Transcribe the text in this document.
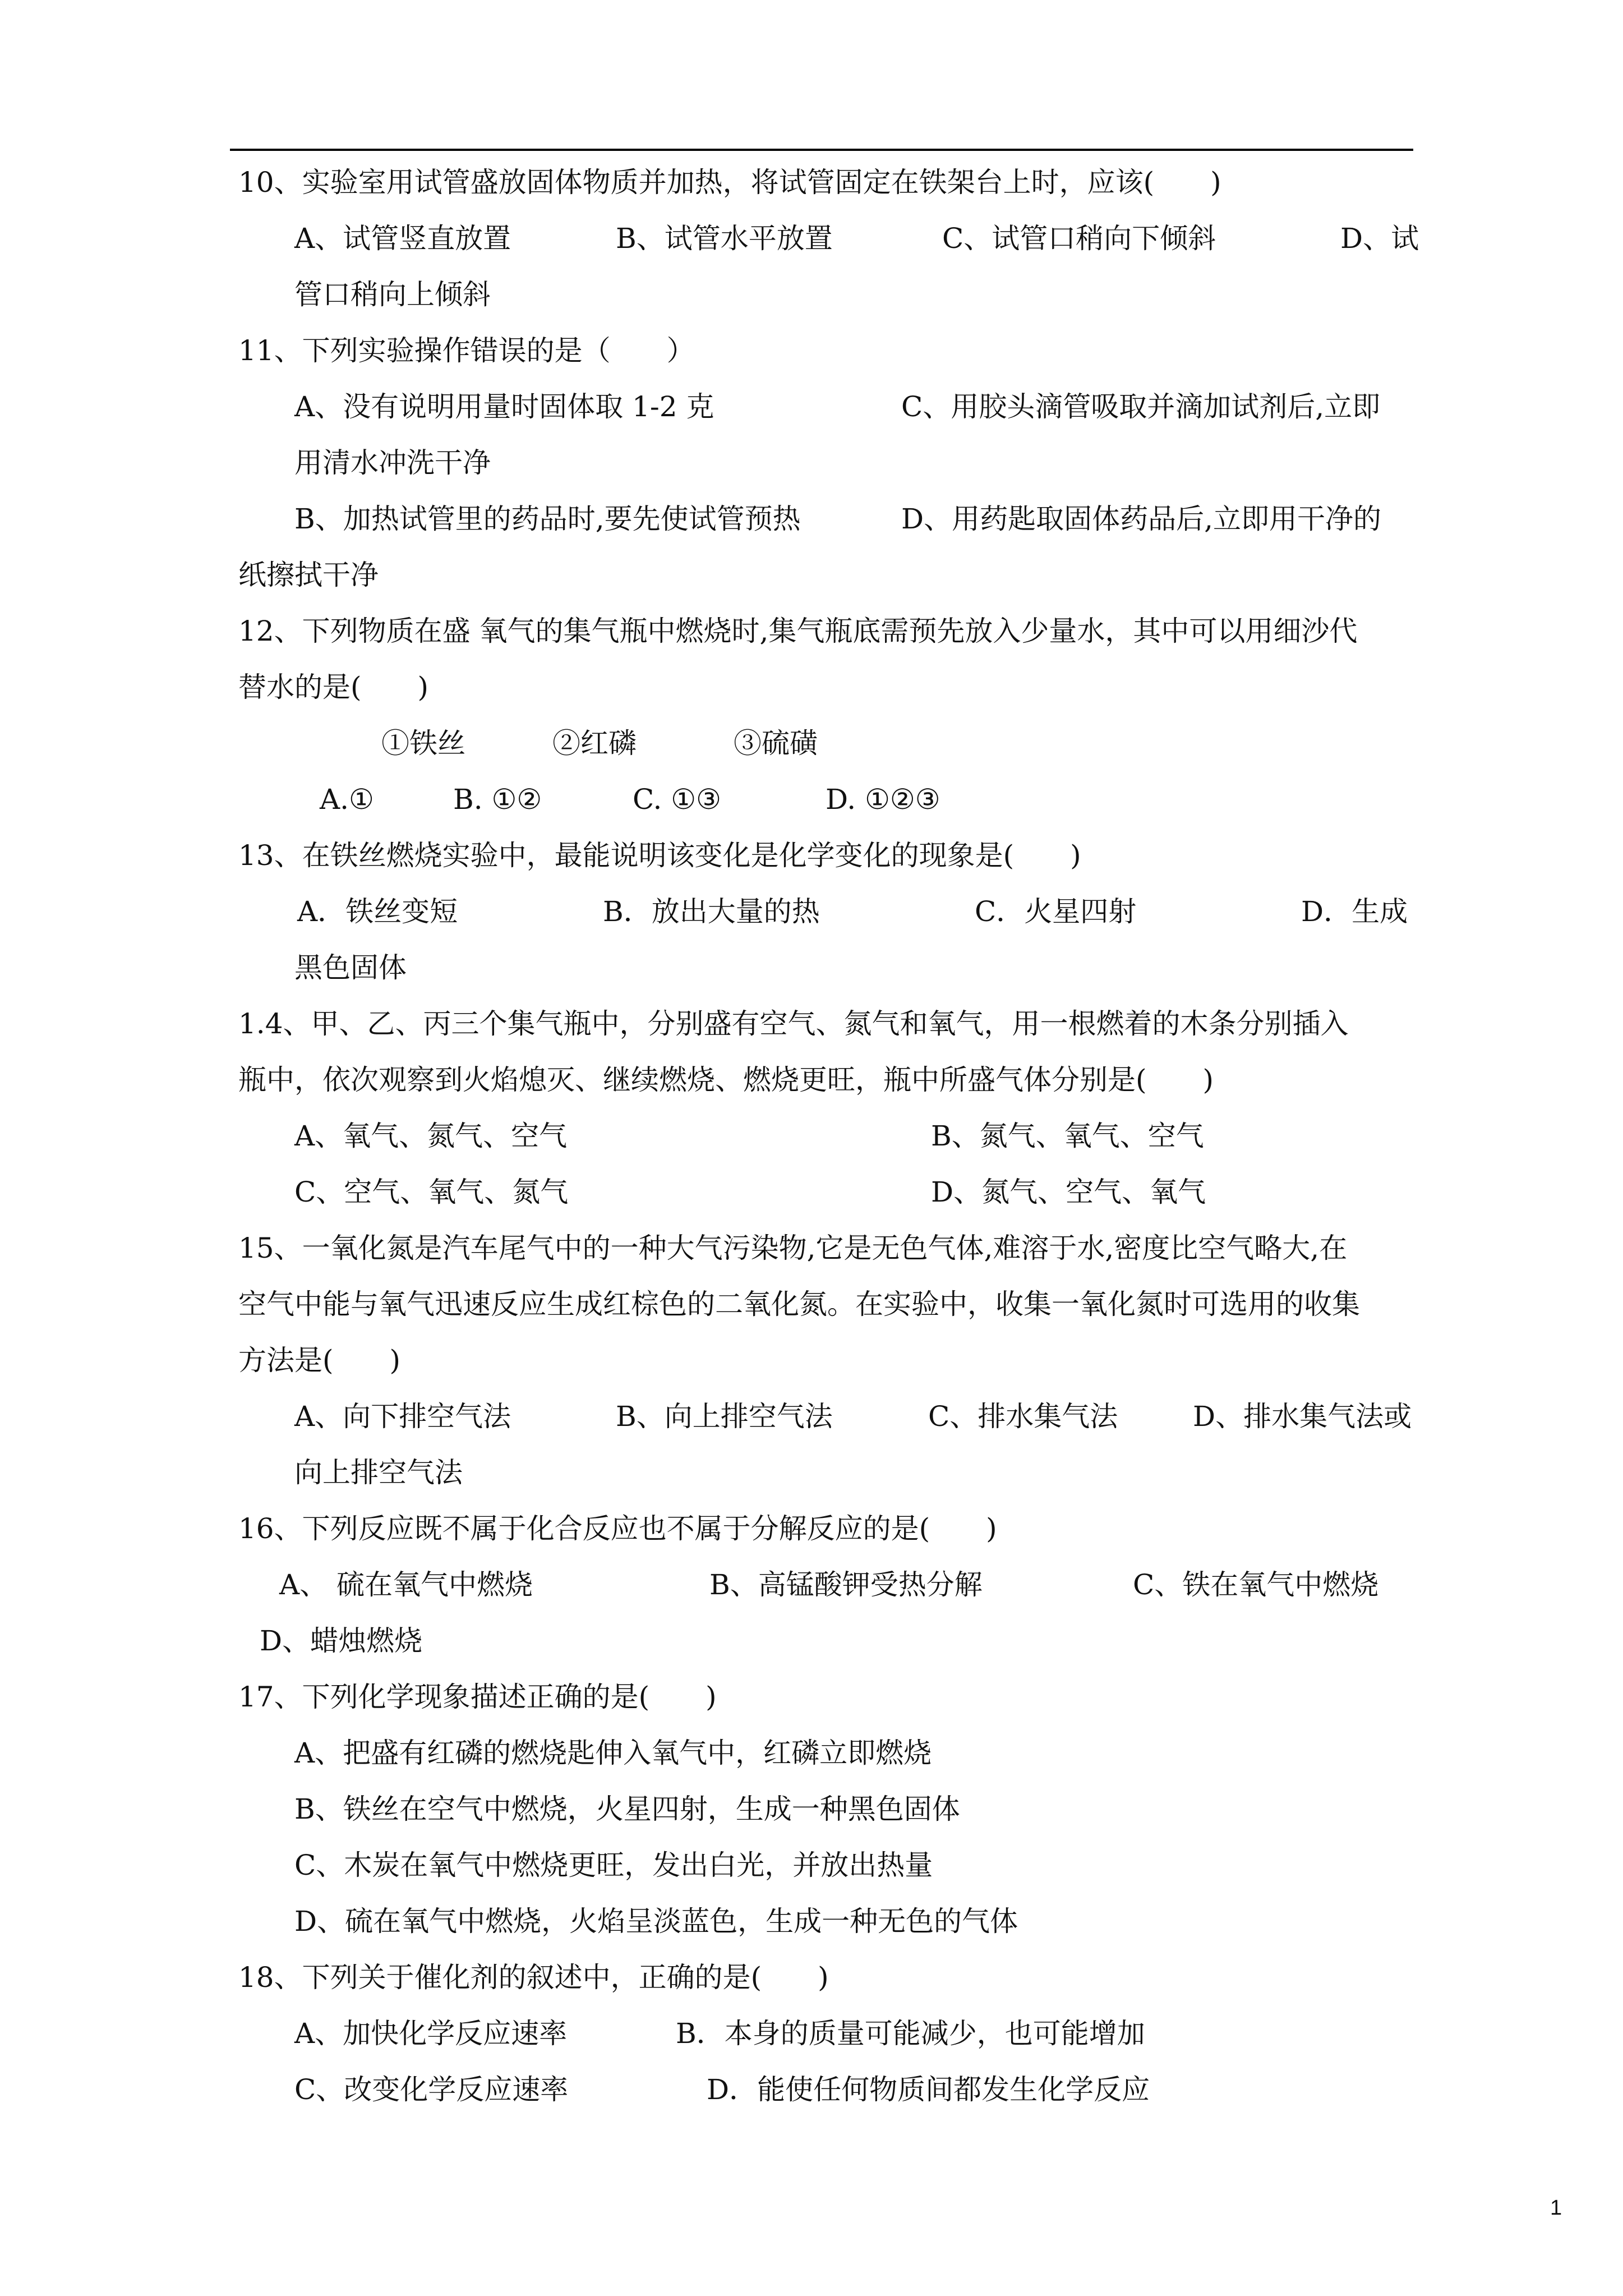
10、实验室用试管盛放固体物质并加热，将试管固定在铁架台上时，应该(　　)
A、试管竖直放置	B、试管水平放置	C、试管口稍向下倾斜	D、试
管口稍向上倾斜
11、下列实验操作错误的是（　　）
A、没有说明用量时固体取 1-2 克	C、用胶头滴管吸取并滴加试剂后,立即
用清水冲洗干净
B、加热试管里的药品时,要先使试管预热	D、用药匙取固体药品后,立即用干净的
纸擦拭干净
12、下列物质在盛 氧气的集气瓶中燃烧时,集气瓶底需预先放入少量水，其中可以用细沙代
替水的是(　　)
①铁丝	②红磷	③硫磺
A.①	B. ①②	C. ①③	D. ①②③
13、在铁丝燃烧实验中，最能说明该变化是化学变化的现象是(　　)
A．铁丝变短	B．放出大量的热	C．火星四射	D．生成
黑色固体
1.4、甲、乙、丙三个集气瓶中，分别盛有空气、氮气和氧气，用一根燃着的木条分别插入
瓶中，依次观察到火焰熄灭、继续燃烧、燃烧更旺，瓶中所盛气体分别是(　　)
A、氧气、氮气、空气	B、氮气、氧气、空气
C、空气、氧气、氮气	D、氮气、空气、氧气
15、一氧化氮是汽车尾气中的一种大气污染物,它是无色气体,难溶于水,密度比空气略大,在
空气中能与氧气迅速反应生成红棕色的二氧化氮。在实验中，收集一氧化氮时可选用的收集
方法是(　　)
A、向下排空气法	B、向上排空气法	C、排水集气法	D、排水集气法或
向上排空气法
16、下列反应既不属于化合反应也不属于分解反应的是(　　)
A、 硫在氧气中燃烧	B、高锰酸钾受热分解	C、铁在氧气中燃烧
D、蜡烛燃烧
17、下列化学现象描述正确的是(　　)
A、把盛有红磷的燃烧匙伸入氧气中，红磷立即燃烧
B、铁丝在空气中燃烧，火星四射，生成一种黑色固体
C、木炭在氧气中燃烧更旺，发出白光，并放出热量
D、硫在氧气中燃烧，火焰呈淡蓝色，生成一种无色的气体
18、下列关于催化剂的叙述中，正确的是(　　)
A、加快化学反应速率	B．本身的质量可能减少，也可能增加
C、改变化学反应速率	D．能使任何物质间都发生化学反应
1
